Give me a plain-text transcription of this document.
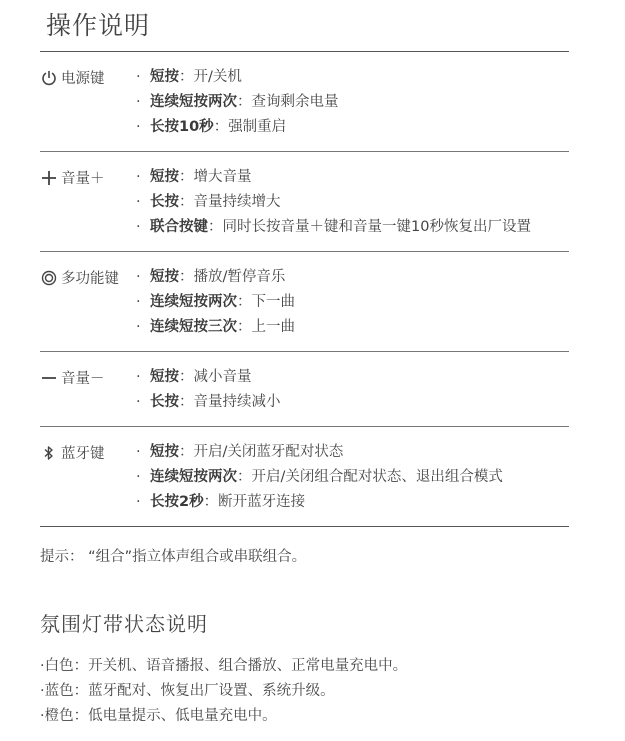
操作说明
电源键 · 短按：开/关机
· 连续短按两次：查询剩余电量
· 长按10秒：强制重启
音量＋ · 短按：增大音量
· 长按：音量持续增大
· 联合按键：同时长按音量＋键和音量一键10秒恢复出厂设置
多功能键 · 短按：播放/暂停音乐
· 连续短按两次：下一曲
· 连续短按三次：上一曲
音量－ · 短按：减小音量
· 长按：音量持续减小
蓝牙键 · 短按：开启/关闭蓝牙配对状态
· 连续短按两次：开启/关闭组合配对状态、退出组合模式
· 长按2秒：断开蓝牙连接
提示： “组合”指立体声组合或串联组合。
氛围灯带状态说明
·白色：开关机、语音播报、组合播放、正常电量充电中。
·蓝色：蓝牙配对、恢复出厂设置、系统升级。
·橙色：低电量提示、低电量充电中。
